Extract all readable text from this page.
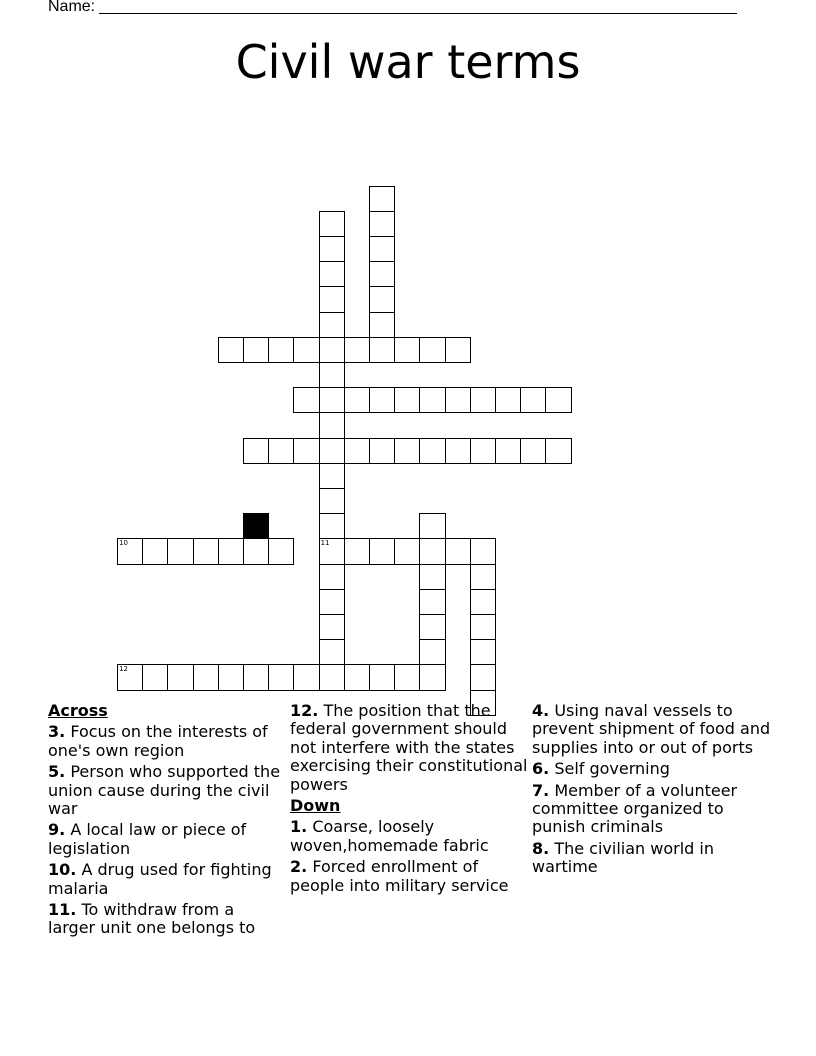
Name:
Civil war terms
11
10
12
Across
3. Focus on the interests of one's own region
5. Person who supported the union cause during the civil war
9. A local law or piece of legislation
10. A drug used for fighting malaria
11. To withdraw from a larger unit one belongs to
12. The position that the federal government should not interfere with the states exercising their constitutional powers
Down
1. Coarse, loosely woven,homemade fabric
2. Forced enrollment of people into military service
4. Using naval vessels to prevent shipment of food and supplies into or out of ports
6. Self governing
7. Member of a volunteer committee organized to punish criminals
8. The civilian world in wartime
